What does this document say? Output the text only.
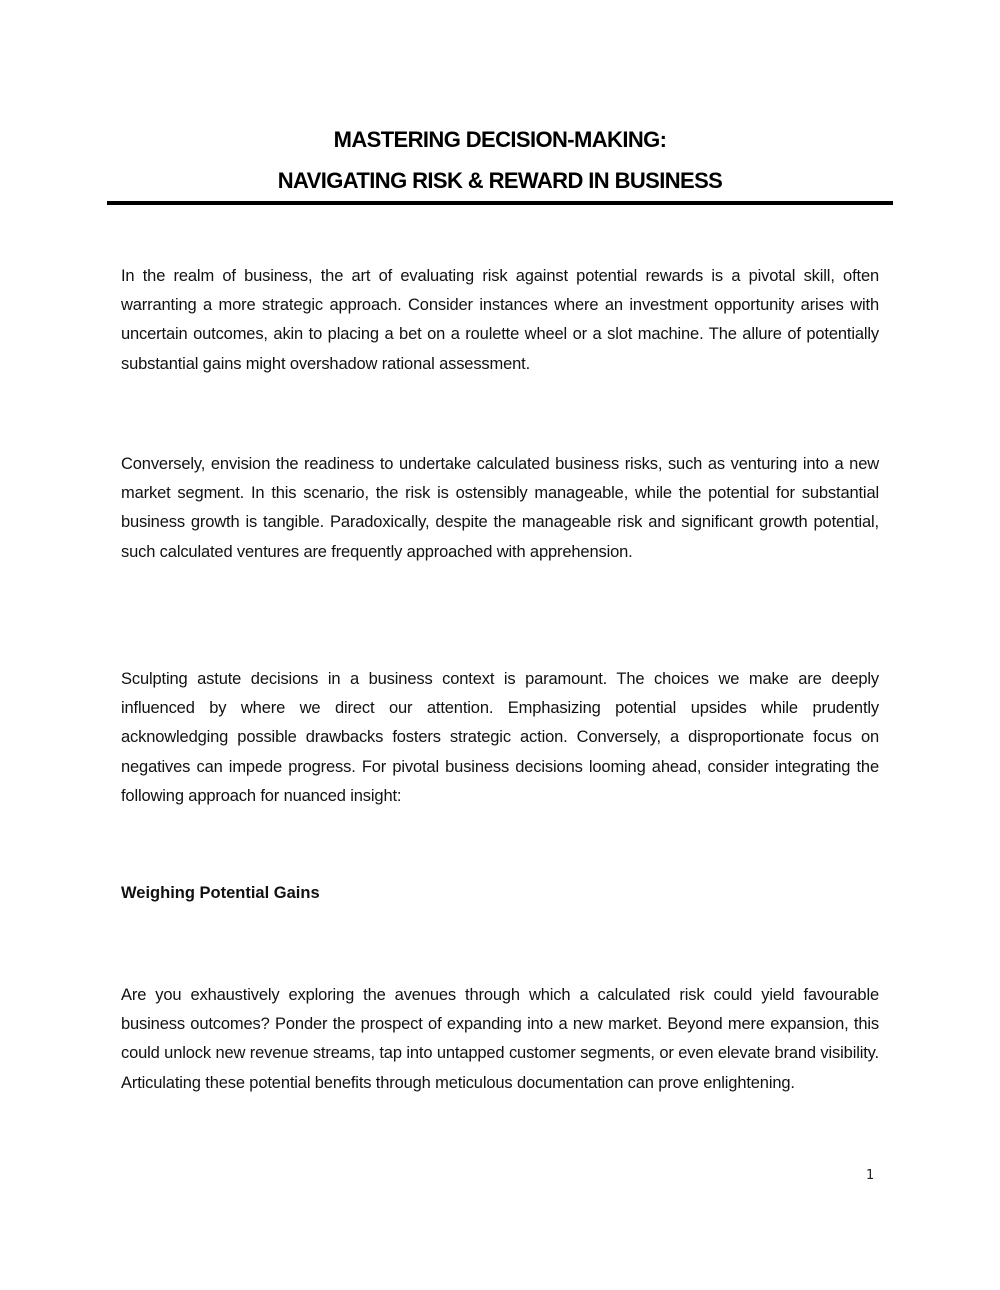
MASTERING DECISION-MAKING:
NAVIGATING RISK & REWARD IN BUSINESS

In the realm of business, the art of evaluating risk against potential rewards is a pivotal skill, often warranting a more strategic approach. Consider instances where an investment opportunity arises with uncertain outcomes, akin to placing a bet on a roulette wheel or a slot machine. The allure of potentially substantial gains might overshadow rational assessment.

Conversely, envision the readiness to undertake calculated business risks, such as venturing into a new market segment. In this scenario, the risk is ostensibly manageable, while the potential for substantial business growth is tangible. Paradoxically, despite the manageable risk and significant growth potential, such calculated ventures are frequently approached with apprehension.

Sculpting astute decisions in a business context is paramount. The choices we make are deeply influenced by where we direct our attention. Emphasizing potential upsides while prudently acknowledging possible drawbacks fosters strategic action. Conversely, a disproportionate focus on negatives can impede progress. For pivotal business decisions looming ahead, consider integrating the following approach for nuanced insight:

Weighing Potential Gains

Are you exhaustively exploring the avenues through which a calculated risk could yield favourable business outcomes? Ponder the prospect of expanding into a new market. Beyond mere expansion, this could unlock new revenue streams, tap into untapped customer segments, or even elevate brand visibility. Articulating these potential benefits through meticulous documentation can prove enlightening.

1
